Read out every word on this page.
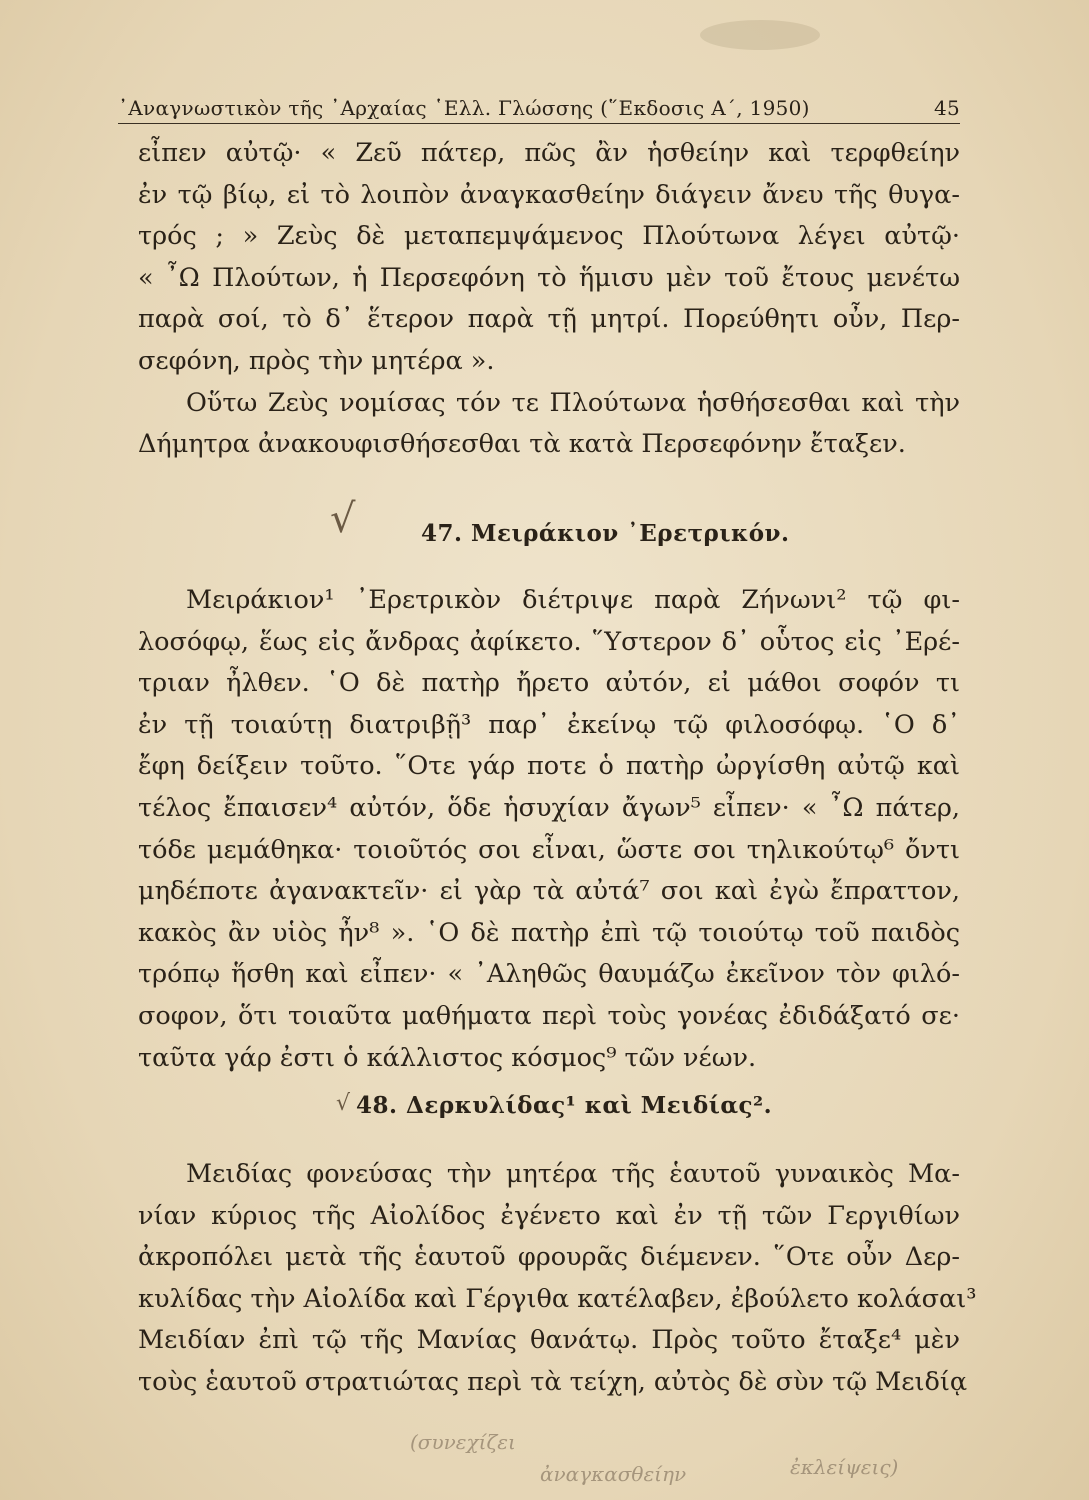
᾿Αναγνωστικὸν τῆς ᾿Αρχαίας ῾Ελλ. Γλώσσης (῞Εκδοσις Α΄, 1950)	45
εἶπεν αὐτῷ· « Ζεῦ πάτερ, πῶς ἂν ἡσθείην καὶ τερφθείην
ἐν τῷ βίῳ, εἰ τὸ λοιπὸν ἀναγκασθείην διάγειν ἄνευ τῆς θυγα-
τρός ; » Ζεὺς δὲ μεταπεμψάμενος Πλούτωνα λέγει αὐτῷ·
« ῏Ω Πλούτων, ἡ Περσεφόνη τὸ ἥμισυ μὲν τοῦ ἔτους μενέτω
παρὰ σοί, τὸ δ᾿ ἕτερον παρὰ τῇ μητρί. Πορεύθητι οὖν, Περ-
σεφόνη, πρὸς τὴν μητέρα ».
Οὕτω Ζεὺς νομίσας τόν τε Πλούτωνα ἡσθήσεσθαι καὶ τὴν
Δήμητρα ἀνακουφισθήσεσθαι τὰ κατὰ Περσεφόνην ἔταξεν.
√	47. Μειράκιον ᾿Ερετρικόν.
Μειράκιον¹ ᾿Ερετρικὸν διέτριψε παρὰ Ζήνωνι² τῷ φι-
λοσόφῳ, ἕως εἰς ἄνδρας ἀφίκετο. ῞Υστερον δ᾿ οὗτος εἰς ᾿Ερέ-
τριαν ἦλθεν. ῾Ο δὲ πατὴρ ἤρετο αὐτόν, εἰ μάθοι σοφόν τι
ἐν τῇ τοιαύτῃ διατριβῇ³ παρ᾿ ἐκείνῳ τῷ φιλοσόφῳ. ῾Ο δ᾿
ἔφη δείξειν τοῦτο. ῞Οτε γάρ ποτε ὁ πατὴρ ὠργίσθη αὐτῷ καὶ
τέλος ἔπαισεν⁴ αὐτόν, ὅδε ἡσυχίαν ἄγων⁵ εἶπεν· « ῏Ω πάτερ,
τόδε μεμάθηκα· τοιοῦτός σοι εἶναι, ὥστε σοι τηλικούτῳ⁶ ὄντι
μηδέποτε ἀγανακτεῖν· εἰ γὰρ τὰ αὐτά⁷ σοι καὶ ἐγὼ ἔπραττον,
κακὸς ἂν υἱὸς ἦν⁸ ». ῾Ο δὲ πατὴρ ἐπὶ τῷ τοιούτῳ τοῦ παιδὸς
τρόπῳ ἥσθη καὶ εἶπεν· « ᾿Αληθῶς θαυμάζω ἐκεῖνον τὸν φιλό-
σοφον, ὅτι τοιαῦτα μαθήματα περὶ τοὺς γονέας ἐδιδάξατό σε·
ταῦτα γάρ ἐστι ὁ κάλλιστος κόσμος⁹ τῶν νέων.
√ 48. Δερκυλίδας¹ καὶ Μειδίας².
Μειδίας φονεύσας τὴν μητέρα τῆς ἑαυτοῦ γυναικὸς Μα-
νίαν κύριος τῆς Αἰολίδος ἐγένετο καὶ ἐν τῇ τῶν Γεργιθίων
ἀκροπόλει μετὰ τῆς ἑαυτοῦ φρουρᾶς διέμενεν. ῞Οτε οὖν Δερ-
κυλίδας τὴν Αἰολίδα καὶ Γέργιθα κατέλαβεν, ἐβούλετο κολάσαι³
Μειδίαν ἐπὶ τῷ τῆς Μανίας θανάτῳ. Πρὸς τοῦτο ἔταξε⁴ μὲν
τοὺς ἑαυτοῦ στρατιώτας περὶ τὰ τείχη, αὐτὸς δὲ σὺν τῷ Μειδίᾳ
(συνεχίζει
ἀναγκασθείην	ἐκλείψεις)
